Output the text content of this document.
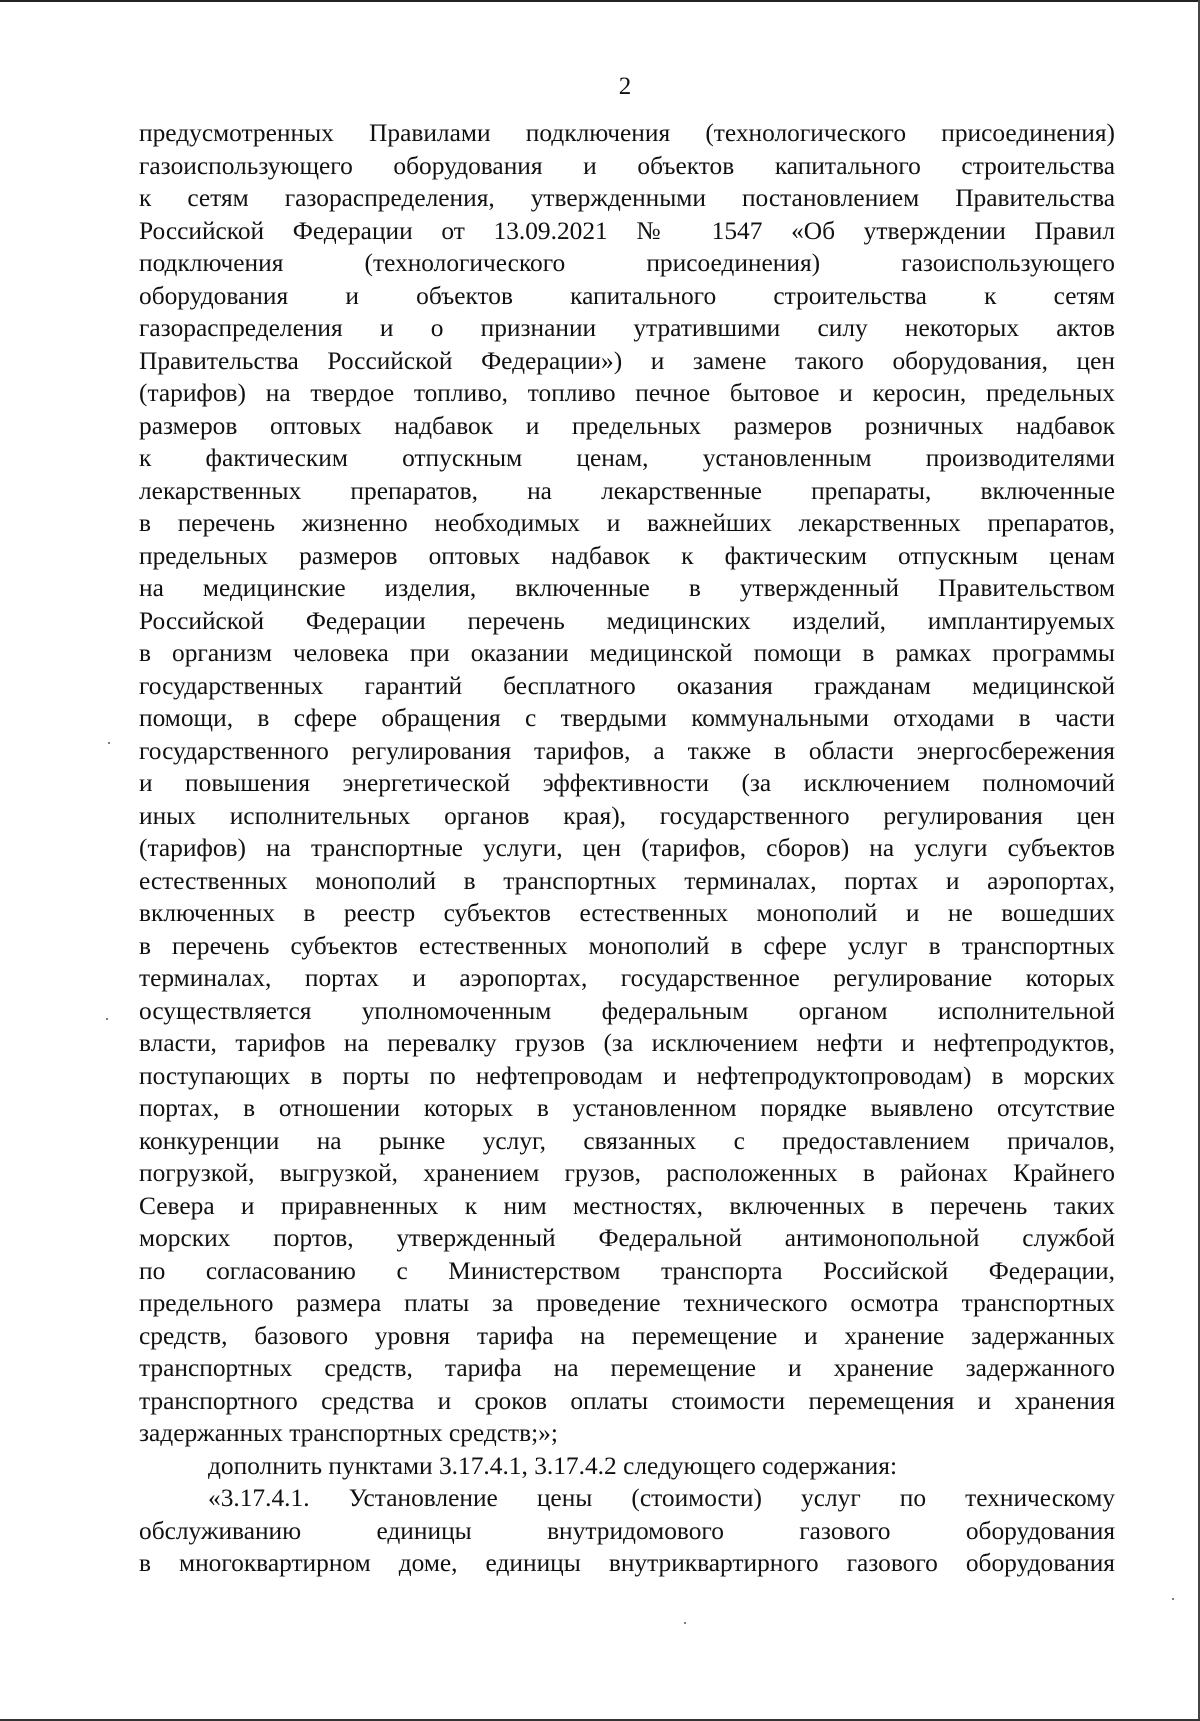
2
предусмотренных Правилами подключения (технологического присоединения)
газоиспользующего оборудования и объектов капитального строительства
к сетям газораспределения, утвержденными постановлением Правительства
Российской Федерации от 13.09.2021 № 1547 «Об утверждении Правил
подключения (технологического присоединения) газоиспользующего
оборудования и объектов капитального строительства к сетям
газораспределения и о признании утратившими силу некоторых актов
Правительства Российской Федерации») и замене такого оборудования, цен
(тарифов) на твердое топливо, топливо печное бытовое и керосин, предельных
размеров оптовых надбавок и предельных размеров розничных надбавок
к фактическим отпускным ценам, установленным производителями
лекарственных препаратов, на лекарственные препараты, включенные
в перечень жизненно необходимых и важнейших лекарственных препаратов,
предельных размеров оптовых надбавок к фактическим отпускным ценам
на медицинские изделия, включенные в утвержденный Правительством
Российской Федерации перечень медицинских изделий, имплантируемых
в организм человека при оказании медицинской помощи в рамках программы
государственных гарантий бесплатного оказания гражданам медицинской
помощи, в сфере обращения с твердыми коммунальными отходами в части
государственного регулирования тарифов, а также в области энергосбережения
и повышения энергетической эффективности (за исключением полномочий
иных исполнительных органов края), государственного регулирования цен
(тарифов) на транспортные услуги, цен (тарифов, сборов) на услуги субъектов
естественных монополий в транспортных терминалах, портах и аэропортах,
включенных в реестр субъектов естественных монополий и не вошедших
в перечень субъектов естественных монополий в сфере услуг в транспортных
терминалах, портах и аэропортах, государственное регулирование которых
осуществляется уполномоченным федеральным органом исполнительной
власти, тарифов на перевалку грузов (за исключением нефти и нефтепродуктов,
поступающих в порты по нефтепроводам и нефтепродуктопроводам) в морских
портах, в отношении которых в установленном порядке выявлено отсутствие
конкуренции на рынке услуг, связанных с предоставлением причалов,
погрузкой, выгрузкой, хранением грузов, расположенных в районах Крайнего
Севера и приравненных к ним местностях, включенных в перечень таких
морских портов, утвержденный Федеральной антимонопольной службой
по согласованию с Министерством транспорта Российской Федерации,
предельного размера платы за проведение технического осмотра транспортных
средств, базового уровня тарифа на перемещение и хранение задержанных
транспортных средств, тарифа на перемещение и хранение задержанного
транспортного средства и сроков оплаты стоимости перемещения и хранения
задержанных транспортных средств;»;
дополнить пунктами 3.17.4.1, 3.17.4.2 следующего содержания:
«3.17.4.1. Установление цены (стоимости) услуг по техническому
обслуживанию единицы внутридомового газового оборудования
в многоквартирном доме, единицы внутриквартирного газового оборудования
